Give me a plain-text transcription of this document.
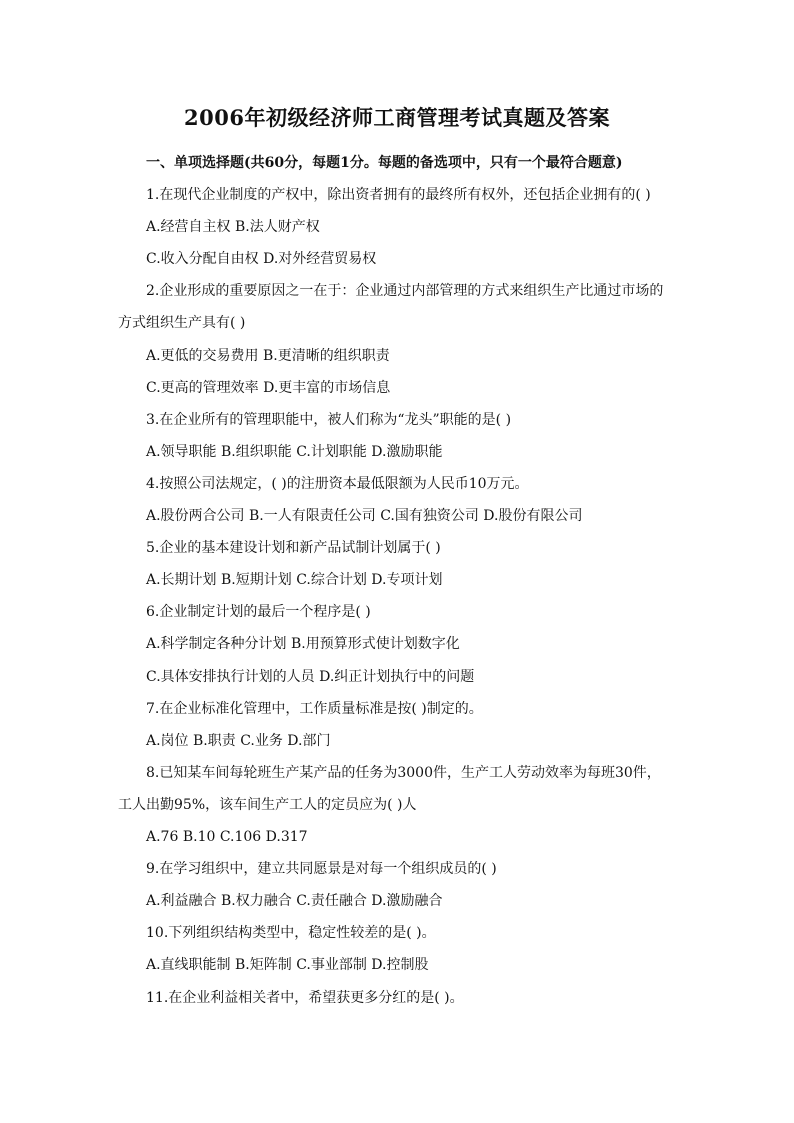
2006年初级经济师工商管理考试真题及答案
一、单项选择题(共60分，每题1分。每题的备选项中，只有一个最符合题意)
1.在现代企业制度的产权中，除出资者拥有的最终所有权外，还包括企业拥有的( )
A.经营自主权 B.法人财产权
C.收入分配自由权 D.对外经营贸易权
2.企业形成的重要原因之一在于：企业通过内部管理的方式来组织生产比通过市场的
方式组织生产具有( )
A.更低的交易费用 B.更清晰的组织职责
C.更高的管理效率 D.更丰富的市场信息
3.在企业所有的管理职能中，被人们称为“龙头”职能的是( )
A.领导职能 B.组织职能 C.计划职能 D.激励职能
4.按照公司法规定，( )的注册资本最低限额为人民币10万元。
A.股份两合公司 B.一人有限责任公司 C.国有独资公司 D.股份有限公司
5.企业的基本建设计划和新产品试制计划属于( )
A.长期计划 B.短期计划 C.综合计划 D.专项计划
6.企业制定计划的最后一个程序是( )
A.科学制定各种分计划 B.用预算形式使计划数字化
C.具体安排执行计划的人员 D.纠正计划执行中的问题
7.在企业标准化管理中，工作质量标准是按( )制定的。
A.岗位 B.职责 C.业务 D.部门
8.已知某车间每轮班生产某产品的任务为3000件，生产工人劳动效率为每班30件，
工人出勤95%，该车间生产工人的定员应为( )人
A.76 B.10 C.106 D.317
9.在学习组织中，建立共同愿景是对每一个组织成员的( )
A.利益融合 B.权力融合 C.责任融合 D.激励融合
10.下列组织结构类型中，稳定性较差的是( )。
A.直线职能制 B.矩阵制 C.事业部制 D.控制股
11.在企业利益相关者中，希望获更多分红的是( )。
